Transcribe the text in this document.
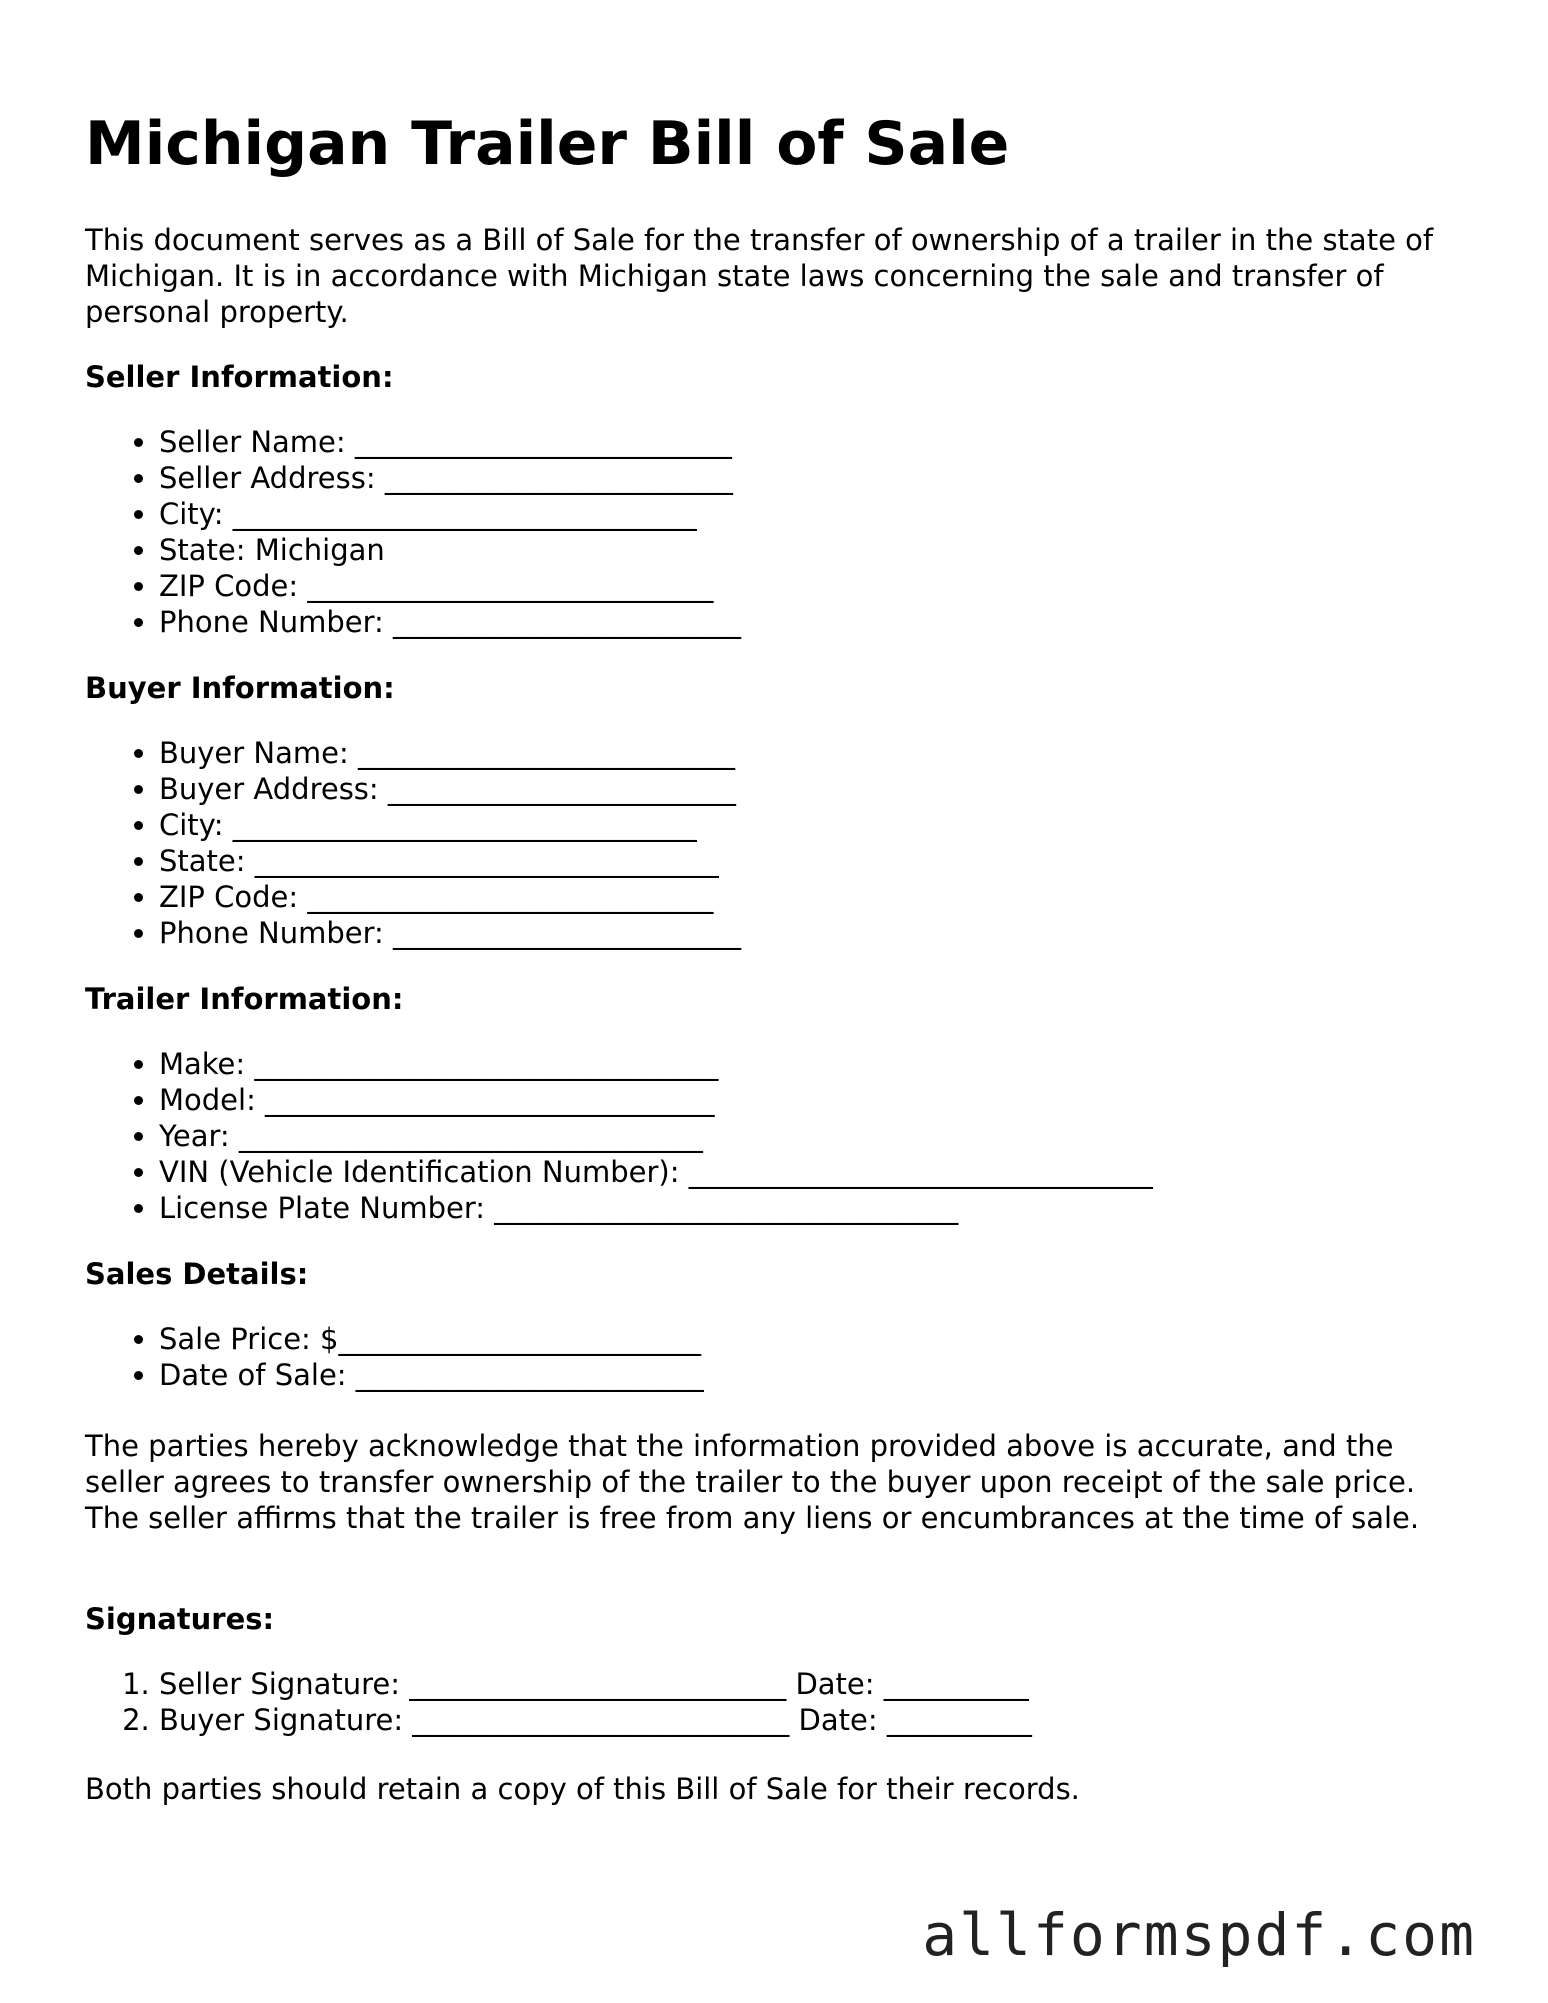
Michigan Trailer Bill of Sale

This document serves as a Bill of Sale for the transfer of ownership of a trailer in the state of Michigan. It is in accordance with Michigan state laws concerning the sale and transfer of personal property.

Seller Information:

• Seller Name: __________________________
• Seller Address: ________________________
• City: ________________________________
• State: Michigan
• ZIP Code: ____________________________
• Phone Number: ________________________

Buyer Information:

• Buyer Name: __________________________
• Buyer Address: ________________________
• City: ________________________________
• State: ________________________________
• ZIP Code: ____________________________
• Phone Number: ________________________

Trailer Information:

• Make: ________________________________
• Model: _______________________________
• Year: ________________________________
• VIN (Vehicle Identification Number): ________________________________
• License Plate Number: ________________________________

Sales Details:

• Sale Price: $_________________________
• Date of Sale: ________________________

The parties hereby acknowledge that the information provided above is accurate, and the seller agrees to transfer ownership of the trailer to the buyer upon receipt of the sale price. The seller affirms that the trailer is free from any liens or encumbrances at the time of sale.

Signatures:

1. Seller Signature: __________________________ Date: __________
2. Buyer Signature: __________________________ Date: __________

Both parties should retain a copy of this Bill of Sale for their records.

allformspdf.com
